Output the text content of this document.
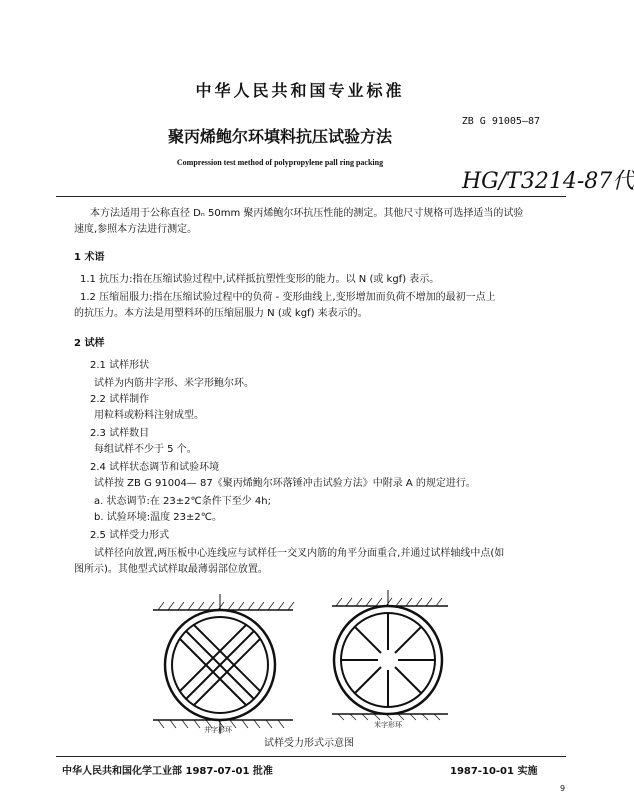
中华人民共和国专业标准
ZB G 91005—87
聚丙烯鲍尔环填料抗压试验方法
Compression test method of polypropylene pall ring packing
HG/T3214-87代
本方法适用于公称直径 Dₙ 50mm 聚丙烯鲍尔环抗压性能的测定。其他尺寸规格可选择适当的试验
速度,参照本方法进行测定。
1 术语
1.1 抗压力:指在压缩试验过程中,试样抵抗塑性变形的能力。以 N (或 kgf) 表示。
1.2 压缩屈服力:指在压缩试验过程中的负荷 - 变形曲线上,变形增加而负荷不增加的最初一点上
的抗压力。本方法是用塑料环的压缩屈服力 N (或 kgf) 来表示的。
2 试样
2.1 试样形状
试样为内筋井字形、米字形鲍尔环。
2.2 试样制作
用粒料或粉料注射成型。
2.3 试样数目
每组试样不少于 5 个。
2.4 试样状态调节和试验环境
试样按 ZB G 91004— 87《聚丙烯鲍尔环落锤冲击试验方法》中附录 A 的规定进行。
a. 状态调节:在 23±2℃条件下至少 4h;
b. 试验环境:温度 23±2℃。
2.5 试样受力形式
试样径向放置,两压板中心连线应与试样任一交叉内筋的角平分面重合,并通过试样轴线中点(如
图所示)。其他型式试样取最薄弱部位放置。
井字形环
米字形环
试样受力形式示意图
中华人民共和国化学工业部 1987-07-01 批准	1987-10-01 实施
9
